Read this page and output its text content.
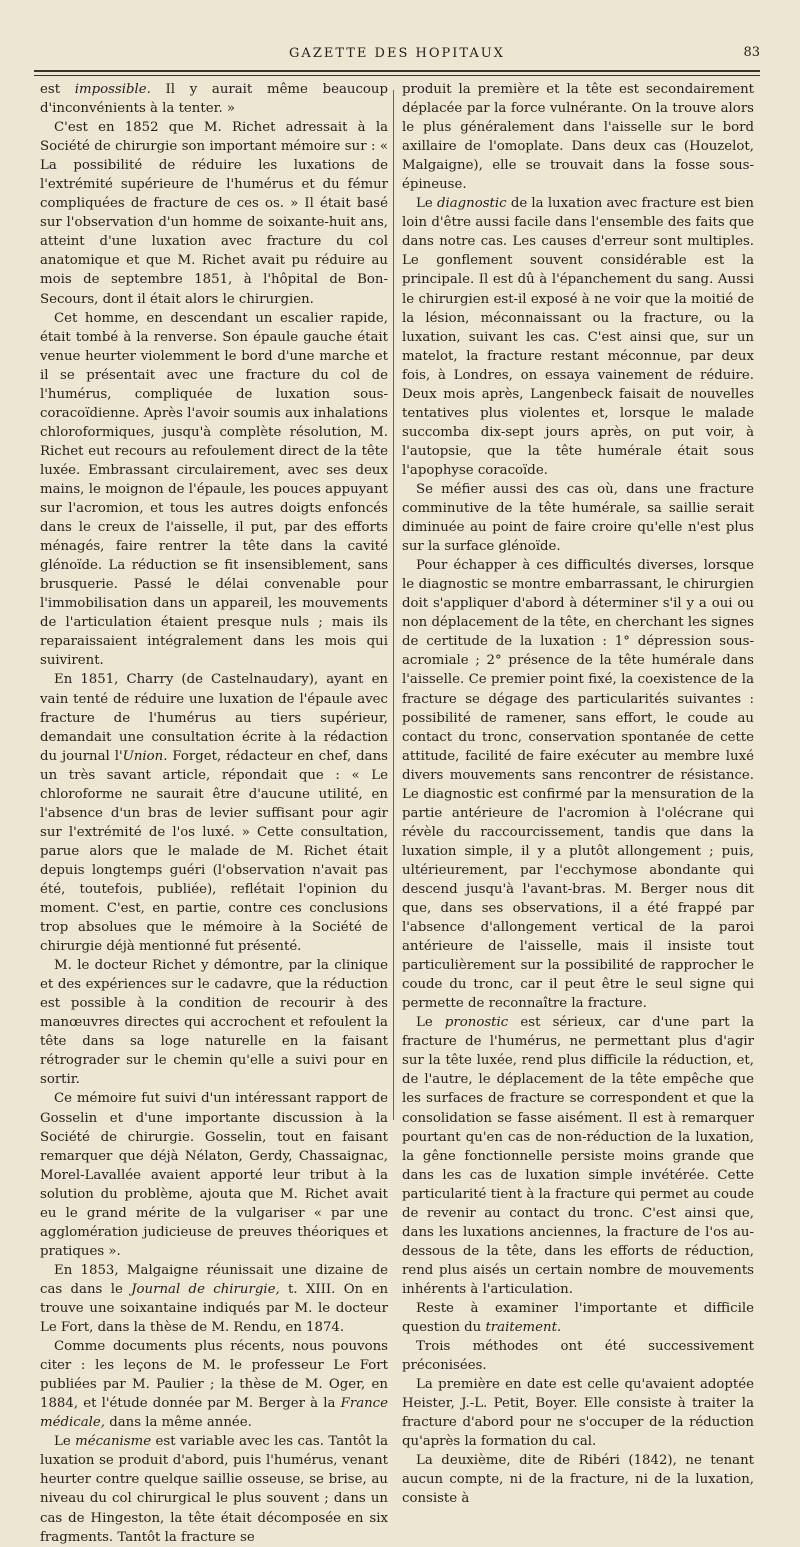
GAZETTE DES HOPITAUX	83

est impossible. Il y aurait même beaucoup d'inconvénients à la tenter. »

C'est en 1852 que M. Richet adressait à la Société de chirurgie son important mémoire sur : « La possibilité de réduire les luxations de l'extrémité supérieure de l'humérus et du fémur compliquées de fracture de ces os. » Il était basé sur l'observation d'un homme de soixante-huit ans, atteint d'une luxation avec fracture du col anatomique et que M. Richet avait pu réduire au mois de septembre 1851, à l'hôpital de Bon-Secours, dont il était alors le chirurgien.

Cet homme, en descendant un escalier rapide, était tombé à la renverse. Son épaule gauche était venue heurter violemment le bord d'une marche et il se présentait avec une fracture du col de l'humérus, compliquée de luxation sous-coracoïdienne. Après l'avoir soumis aux inhalations chloroformiques, jusqu'à complète résolution, M. Richet eut recours au refoulement direct de la tête luxée. Embrassant circulairement, avec ses deux mains, le moignon de l'épaule, les pouces appuyant sur l'acromion, et tous les autres doigts enfoncés dans le creux de l'aisselle, il put, par des efforts ménagés, faire rentrer la tête dans la cavité glénoïde. La réduction se fit insensiblement, sans brusquerie. Passé le délai convenable pour l'immobilisation dans un appareil, les mouvements de l'articulation étaient presque nuls ; mais ils reparaissaient intégralement dans les mois qui suivirent.

En 1851, Charry (de Castelnaudary), ayant en vain tenté de réduire une luxation de l'épaule avec fracture de l'humérus au tiers supérieur, demandait une consultation écrite à la rédaction du journal l'Union. Forget, rédacteur en chef, dans un très savant article, répondait que : « Le chloroforme ne saurait être d'aucune utilité, en l'absence d'un bras de levier suffisant pour agir sur l'extrémité de l'os luxé. » Cette consultation, parue alors que le malade de M. Richet était depuis longtemps guéri (l'observation n'avait pas été, toutefois, publiée), reflétait l'opinion du moment. C'est, en partie, contre ces conclusions trop absolues que le mémoire à la Société de chirurgie déjà mentionné fut présenté.

M. le docteur Richet y démontre, par la clinique et des expériences sur le cadavre, que la réduction est possible à la condition de recourir à des manœuvres directes qui accrochent et refoulent la tête dans sa loge naturelle en la faisant rétrograder sur le chemin qu'elle a suivi pour en sortir.

Ce mémoire fut suivi d'un intéressant rapport de Gosselin et d'une importante discussion à la Société de chirurgie. Gosselin, tout en faisant remarquer que déjà Nélaton, Gerdy, Chassaignac, Morel-Lavallée avaient apporté leur tribut à la solution du problème, ajouta que M. Richet avait eu le grand mérite de la vulgariser « par une agglomération judicieuse de preuves théoriques et pratiques ».

En 1853, Malgaigne réunissait une dizaine de cas dans le Journal de chirurgie, t. XIII. On en trouve une soixantaine indiqués par M. le docteur Le Fort, dans la thèse de M. Rendu, en 1874.

Comme documents plus récents, nous pouvons citer : les leçons de M. le professeur Le Fort publiées par M. Paulier ; la thèse de M. Oger, en 1884, et l'étude donnée par M. Berger à la France médicale, dans la même année.

Le mécanisme est variable avec les cas. Tantôt la luxation se produit d'abord, puis l'humérus, venant heurter contre quelque saillie osseuse, se brise, au niveau du col chirurgical le plus souvent ; dans un cas de Hingeston, la tête était décomposée en six fragments. Tantôt la fracture se

produit la première et la tête est secondairement déplacée par la force vulnérante. On la trouve alors le plus généralement dans l'aisselle sur le bord axillaire de l'omoplate. Dans deux cas (Houzelot, Malgaigne), elle se trouvait dans la fosse sous-épineuse.

Le diagnostic de la luxation avec fracture est bien loin d'être aussi facile dans l'ensemble des faits que dans notre cas. Les causes d'erreur sont multiples. Le gonflement souvent considérable est la principale. Il est dû à l'épanchement du sang. Aussi le chirurgien est-il exposé à ne voir que la moitié de la lésion, méconnaissant ou la fracture, ou la luxation, suivant les cas. C'est ainsi que, sur un matelot, la fracture restant méconnue, par deux fois, à Londres, on essaya vainement de réduire. Deux mois après, Langenbeck faisait de nouvelles tentatives plus violentes et, lorsque le malade succomba dix-sept jours après, on put voir, à l'autopsie, que la tête humérale était sous l'apophyse coracoïde.

Se méfier aussi des cas où, dans une fracture comminutive de la tête humérale, sa saillie serait diminuée au point de faire croire qu'elle n'est plus sur la surface glénoïde.

Pour échapper à ces difficultés diverses, lorsque le diagnostic se montre embarrassant, le chirurgien doit s'appliquer d'abord à déterminer s'il y a oui ou non déplacement de la tête, en cherchant les signes de certitude de la luxation : 1° dépression sous-acromiale ; 2° présence de la tête humérale dans l'aisselle. Ce premier point fixé, la coexistence de la fracture se dégage des particularités suivantes : possibilité de ramener, sans effort, le coude au contact du tronc, conservation spontanée de cette attitude, facilité de faire exécuter au membre luxé divers mouvements sans rencontrer de résistance. Le diagnostic est confirmé par la mensuration de la partie antérieure de l'acromion à l'olécrane qui révèle du raccourcissement, tandis que dans la luxation simple, il y a plutôt allongement ; puis, ultérieurement, par l'ecchymose abondante qui descend jusqu'à l'avant-bras. M. Berger nous dit que, dans ses observations, il a été frappé par l'absence d'allongement vertical de la paroi antérieure de l'aisselle, mais il insiste tout particulièrement sur la possibilité de rapprocher le coude du tronc, car il peut être le seul signe qui permette de reconnaître la fracture.

Le pronostic est sérieux, car d'une part la fracture de l'humérus, ne permettant plus d'agir sur la tête luxée, rend plus difficile la réduction, et, de l'autre, le déplacement de la tête empêche que les surfaces de fracture se correspondent et que la consolidation se fasse aisément. Il est à remarquer pourtant qu'en cas de non-réduction de la luxation, la gêne fonctionnelle persiste moins grande que dans les cas de luxation simple invétérée. Cette particularité tient à la fracture qui permet au coude de revenir au contact du tronc. C'est ainsi que, dans les luxations anciennes, la fracture de l'os au-dessous de la tête, dans les efforts de réduction, rend plus aisés un certain nombre de mouvements inhérents à l'articulation.

Reste à examiner l'importante et difficile question du traitement.

Trois méthodes ont été successivement préconisées.

La première en date est celle qu'avaient adoptée Heister, J.-L. Petit, Boyer. Elle consiste à traiter la fracture d'abord pour ne s'occuper de la réduction qu'après la formation du cal.

La deuxième, dite de Ribéri (1842), ne tenant aucun compte, ni de la fracture, ni de la luxation, consiste à
